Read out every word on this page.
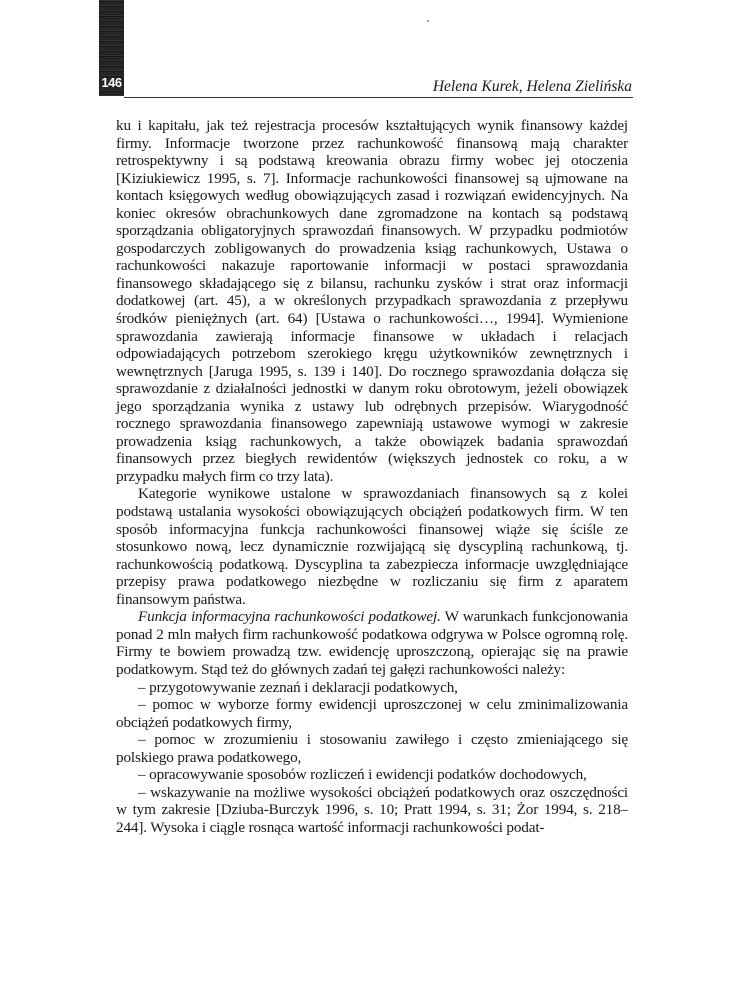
146	Helena Kurek, Helena Zielińska

ku i kapitału, jak też rejestracja procesów kształtujących wynik finansowy każdej firmy. Informacje tworzone przez rachunkowość finansową mają charakter retrospektywny i są podstawą kreowania obrazu firmy wobec jej otoczenia [Kiziukiewicz 1995, s. 7]. Informacje rachunkowości finansowej są ujmowane na kontach księgowych według obowiązujących zasad i rozwiązań ewidencyjnych. Na koniec okresów obrachunkowych dane zgromadzone na kontach są podstawą sporządzania obligatoryjnych sprawozdań finansowych. W przypadku podmiotów gospodarczych zobligowanych do prowadzenia ksiąg rachunkowych, Ustawa o rachunkowości nakazuje raportowanie informacji w postaci sprawozdania finansowego składającego się z bilansu, rachunku zysków i strat oraz informacji dodatkowej (art. 45), a w określonych przypadkach sprawozdania z przepływu środków pieniężnych (art. 64) [Ustawa o rachunkowości…, 1994]. Wymienione sprawozdania zawierają informacje finansowe w układach i relacjach odpowiadających potrzebom szerokiego kręgu użytkowników zewnętrznych i wewnętrznych [Jaruga 1995, s. 139 i 140]. Do rocznego sprawozdania dołącza się sprawozdanie z działalności jednostki w danym roku obrotowym, jeżeli obowiązek jego sporządzania wynika z ustawy lub odrębnych przepisów. Wiarygodność rocznego sprawozdania finansowego zapewniają ustawowe wymogi w zakresie prowadzenia ksiąg rachunkowych, a także obowiązek badania sprawozdań finansowych przez biegłych rewidentów (większych jednostek co roku, a w przypadku małych firm co trzy lata).

Kategorie wynikowe ustalone w sprawozdaniach finansowych są z kolei podstawą ustalania wysokości obowiązujących obciążeń podatkowych firm. W ten sposób informacyjna funkcja rachunkowości finansowej wiąże się ściśle ze stosunkowo nową, lecz dynamicznie rozwijającą się dyscypliną rachunkową, tj. rachunkowością podatkową. Dyscyplina ta zabezpiecza informacje uwzględniające przepisy prawa podatkowego niezbędne w rozliczaniu się firm z aparatem finansowym państwa.

Funkcja informacyjna rachunkowości podatkowej. W warunkach funkcjonowania ponad 2 mln małych firm rachunkowość podatkowa odgrywa w Polsce ogromną rolę. Firmy te bowiem prowadzą tzw. ewidencję uproszczoną, opierając się na prawie podatkowym. Stąd też do głównych zadań tej gałęzi rachunkowości należy:

– przygotowywanie zeznań i deklaracji podatkowych,

– pomoc w wyborze formy ewidencji uproszczonej w celu zminimalizowania obciążeń podatkowych firmy,

– pomoc w zrozumieniu i stosowaniu zawiłego i często zmieniającego się polskiego prawa podatkowego,

– opracowywanie sposobów rozliczeń i ewidencji podatków dochodowych,

– wskazywanie na możliwe wysokości obciążeń podatkowych oraz oszczędności w tym zakresie [Dziuba-Burczyk 1996, s. 10; Pratt 1994, s. 31; Żor 1994, s. 218–244]. Wysoka i ciągle rosnąca wartość informacji rachunkowości podat-
